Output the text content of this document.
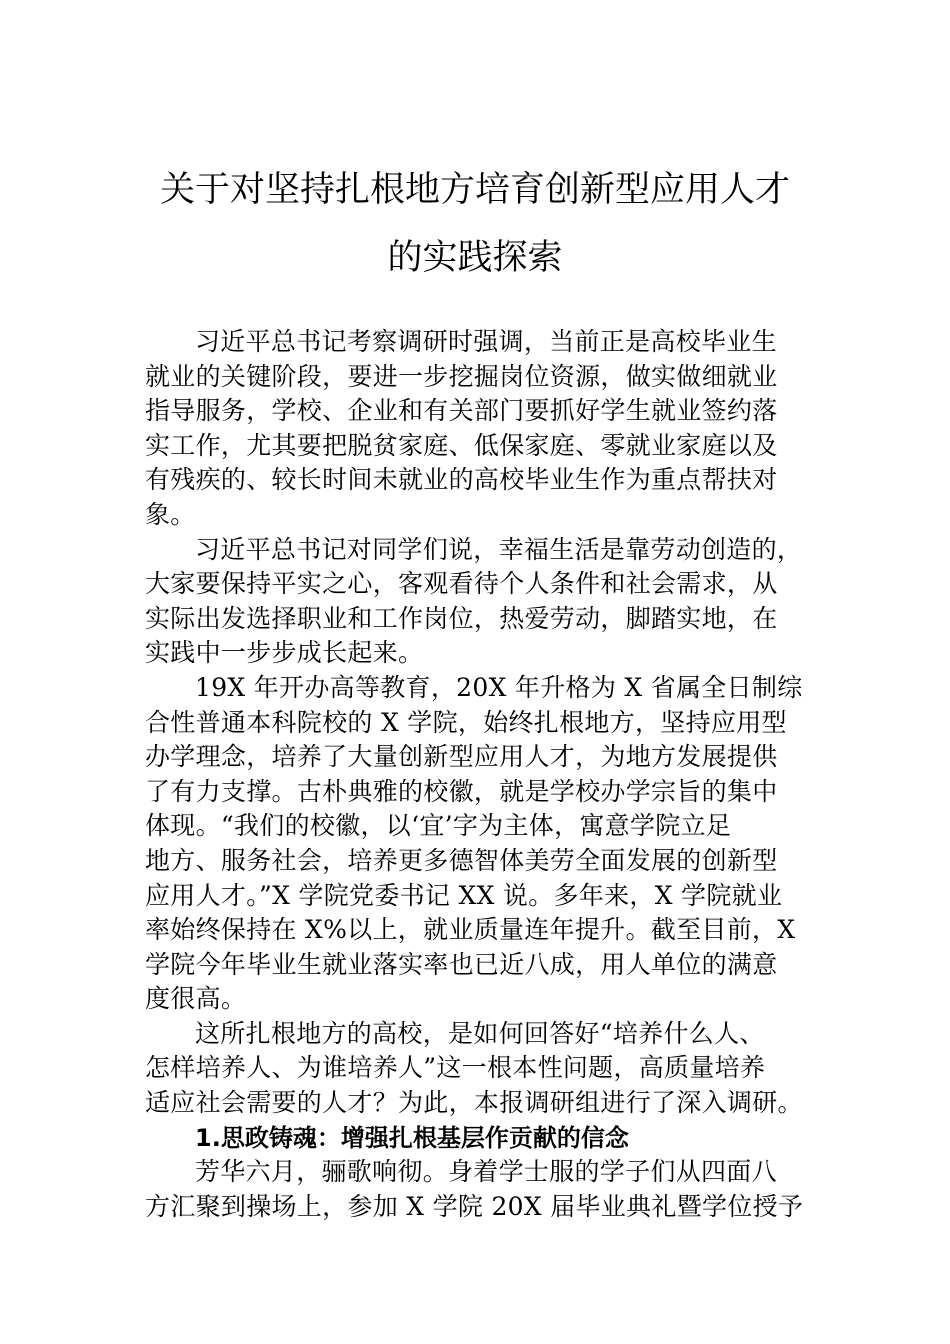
关于对坚持扎根地方培育创新型应用人才
的实践探索

习近平总书记考察调研时强调，当前正是高校毕业生
就业的关键阶段，要进一步挖掘岗位资源，做实做细就业
指导服务，学校、企业和有关部门要抓好学生就业签约落
实工作，尤其要把脱贫家庭、低保家庭、零就业家庭以及
有残疾的、较长时间未就业的高校毕业生作为重点帮扶对
象。

习近平总书记对同学们说，幸福生活是靠劳动创造的，
大家要保持平实之心，客观看待个人条件和社会需求，从
实际出发选择职业和工作岗位，热爱劳动，脚踏实地，在
实践中一步步成长起来。

19X 年开办高等教育，20X 年升格为 X 省属全日制综
合性普通本科院校的 X 学院，始终扎根地方，坚持应用型
办学理念，培养了大量创新型应用人才，为地方发展提供
了有力支撑。古朴典雅的校徽，就是学校办学宗旨的集中
体现。“我们的校徽，以‘宜’字为主体，寓意学院立足
地方、服务社会，培养更多德智体美劳全面发展的创新型
应用人才。”X 学院党委书记 XX 说。多年来，X 学院就业
率始终保持在 X%以上，就业质量连年提升。截至目前，X
学院今年毕业生就业落实率也已近八成，用人单位的满意
度很高。

这所扎根地方的高校，是如何回答好“培养什么人、
怎样培养人、为谁培养人”这一根本性问题，高质量培养
适应社会需要的人才？为此，本报调研组进行了深入调研。

1.思政铸魂：增强扎根基层作贡献的信念

芳华六月，骊歌响彻。身着学士服的学子们从四面八
方汇聚到操场上，参加 X 学院 20X 届毕业典礼暨学位授予
